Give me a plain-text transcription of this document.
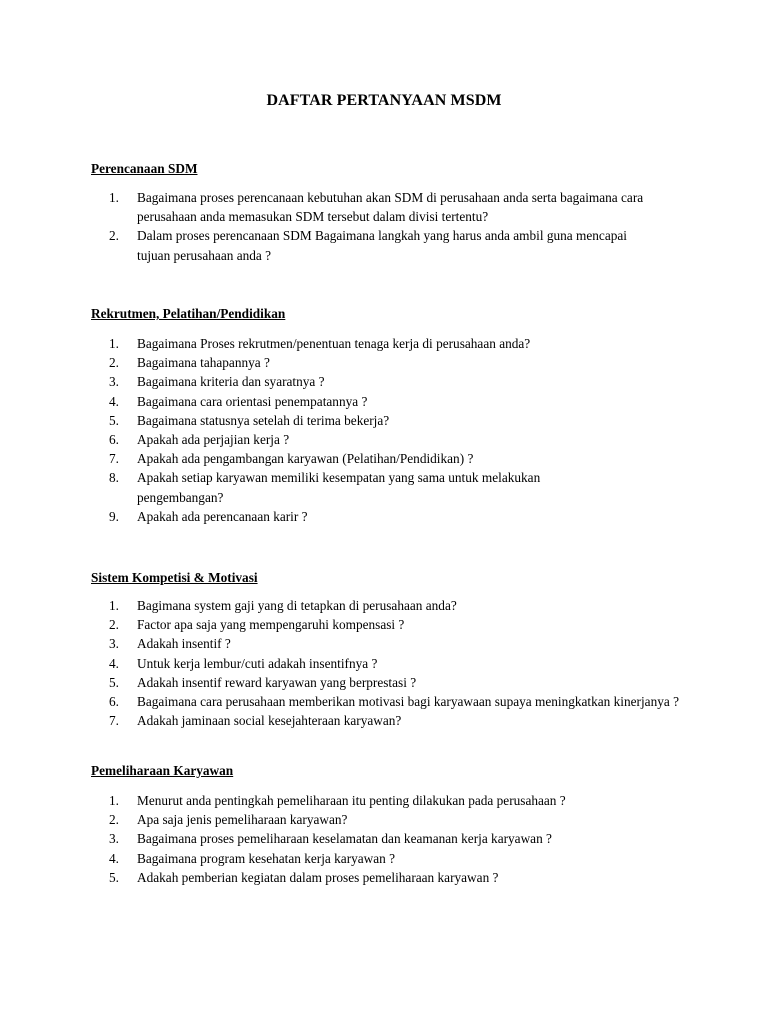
DAFTAR PERTANYAAN MSDM
Perencanaan SDM
1. Bagaimana proses perencanaan kebutuhan akan SDM di perusahaan anda serta bagaimana cara perusahaan anda memasukan SDM tersebut dalam divisi tertentu?
2. Dalam proses perencanaan SDM Bagaimana langkah yang harus anda ambil guna mencapai tujuan perusahaan anda ?
Rekrutmen, Pelatihan/Pendidikan
1. Bagaimana Proses rekrutmen/penentuan tenaga kerja di perusahaan anda?
2. Bagaimana tahapannya ?
3. Bagaimana kriteria dan syaratnya ?
4. Bagaimana cara orientasi penempatannya ?
5. Bagaimana statusnya setelah di terima bekerja?
6. Apakah ada perjajian kerja ?
7. Apakah ada pengambangan karyawan (Pelatihan/Pendidikan) ?
8. Apakah setiap karyawan memiliki kesempatan yang sama untuk melakukan pengembangan?
9. Apakah ada perencanaan karir ?
Sistem Kompetisi & Motivasi
1. Bagimana system gaji yang di tetapkan di perusahaan anda?
2. Factor apa saja yang mempengaruhi kompensasi ?
3. Adakah insentif ?
4. Untuk kerja lembur/cuti adakah insentifnya ?
5. Adakah insentif reward karyawan yang berprestasi ?
6. Bagaimana cara perusahaan memberikan motivasi bagi karyawaan supaya meningkatkan kinerjanya ?
7. Adakah jaminaan social kesejahteraan karyawan?
Pemeliharaan Karyawan
1. Menurut anda pentingkah pemeliharaan itu penting dilakukan pada perusahaan ?
2. Apa saja jenis pemeliharaan karyawan?
3. Bagaimana proses pemeliharaan keselamatan dan keamanan kerja karyawan ?
4. Bagaimana program kesehatan kerja karyawan ?
5. Adakah pemberian kegiatan dalam proses pemeliharaan karyawan ?
